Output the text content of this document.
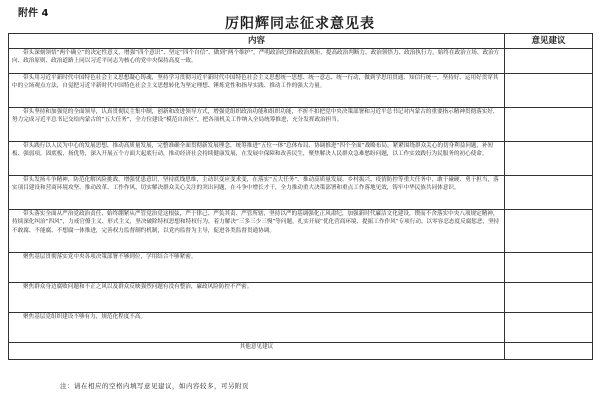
附件 4
厉阳辉同志征求意见表
内容	意见建议

带头深刻领悟“两个确立”的决定性意义，增强“四个意识”、坚定“四个自信”、做到“两个维护”，严明政治纪律和政治规矩，提高政治判断力、政治领悟力、政治执行力，始终在政治立场、政治方向、政治原则、政治道路上同以习近平同志为核心的党中央保持高度一致。	

带头用习近平新时代中国特色社会主义思想凝心铸魂，坚持学习贯彻习近平新时代中国特色社会主义思想统一思想、统一意志、统一行动，做到学思用贯通、知信行统一，坚持好、运用好贯穿其中的立场观点方法，自觉把习近平新时代中国特色社会主义思想转化为坚定理想、锤炼党性和指导实践、推动工作的强大力量。	

带头坚持和加强党的全面领导，认真贯彻民主集中制，创新和改进领导方式，增强党组织政治功能和组织功能，不折不扣把党中央决策部署和习近平总书记对内蒙古的重要指示精神贯彻落实好，努力完成习近平总书记交给内蒙古的“五大任务”，全方位建设“模范自治区”，把各项机关工作纳入全局统筹推进，充分发挥政治担当。	

带头践行以人民为中心的发展思想，推动高质量发展，完整准确全面贯彻新发展理念，统筹推进“五位一体”总体布局、协调推进“四个全面”战略布局，紧紧围绕群众关心的切身利益问题，补短板、强弱项，固底板，扬优势，深入开展五个方面大起底行动，推动经济社会持续健康发展，在发展中保障和改善民生，聚焦解决人民群众急难愁盼问题，以工作实效践行为民服务的初心使命。	

带头发扬斗争精神，防范化解风险挑战，增强忧患意识，坚持底线思维，主动识变应变求变，在落实“五大任务”、推动高质量发展、乡村振兴、疫情防控等重大任务中，敢于碰硬、勇于担当，落实项目建设和营商环境攻坚、推动改革、工作作风，切实解决群众关心关注的突出问题，在斗争中增长才干，全力推动重大决策部署和重点工作落地见效，铸牢中华民族共同体意识。	

带头落实全面从严治党政治责任，始终绷紧从严管党治党这根弦，严于律己、严负其责、严管所辖，坚持以严的基调强化正风肃纪，加强新时代廉洁文化建设，锲而不舍落实中央八项规定精神，持续深化纠治“四风”，力戒官僚主义、形式主义，坚决破除特权思想和特权行为，着力解决“三多三少三慢”等问题，扎实开展“优化营商环境、提振工作作风”专项行动，以零容忍态度反腐惩恶，坚持不敢腐、不能腐、不想腐一体推进，完善权力监督制约机制，以党内监督为主导，促进各类监督贯通协调。	

聚焦基层贯彻落实党中央各项决策部署不够到位，学用结合不够紧密。	

聚焦群众身边腐败问题和不正之风以及群众反映强烈问题有没有整治，廉政风险防控不严密。	

聚焦基层党组织建设不够有力，规范化程度不高。	

其他意见建议	
注：请在相应的空格内填写意见建议，如内容较多，可另附页
